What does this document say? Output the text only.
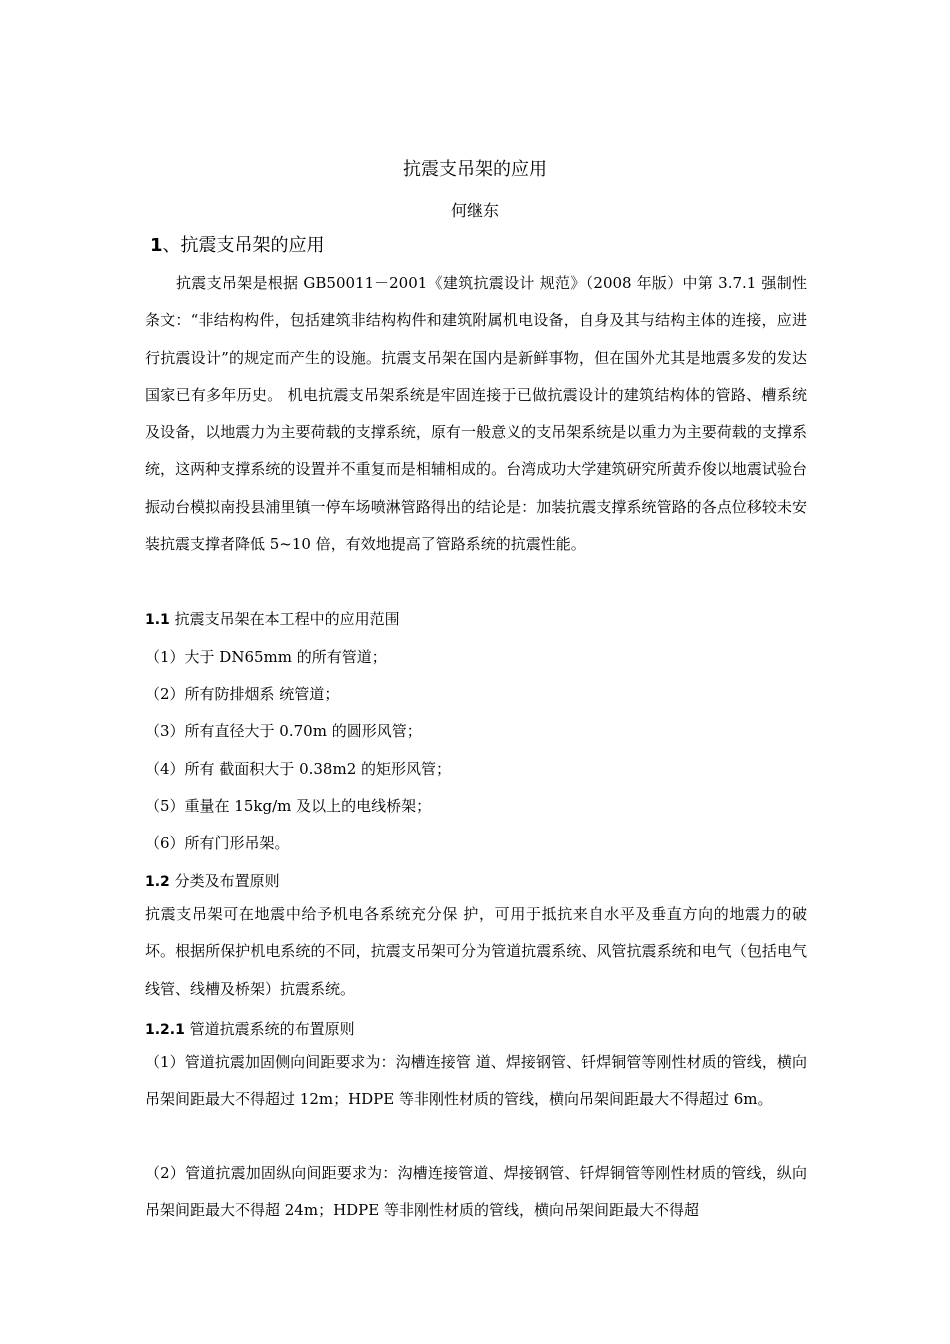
抗震支吊架的应用
何继东
1、抗震支吊架的应用
抗震支吊架是根据 GB50011－2001《建筑抗震设计 规范》（2008 年版）中第 3.7.1 强制性条文：“非结构构件，包括建筑非结构构件和建筑附属机电设备，自身及其与结构主体的连接，应进行抗震设计”的规定而产生的设施。抗震支吊架在国内是新鲜事物，但在国外尤其是地震多发的发达国家已有多年历史。 机电抗震支吊架系统是牢固连接于已做抗震设计的建筑结构体的管路、槽系统及设备，以地震力为主要荷载的支撑系统，原有一般意义的支吊架系统是以重力为主要荷载的支撑系统，这两种支撑系统的设置并不重复而是相辅相成的。台湾成功大学建筑研究所黄乔俊以地震试验台振动台模拟南投县浦里镇一停车场喷淋管路得出的结论是：加装抗震支撑系统管路的各点位移较未安装抗震支撑者降低 5~10 倍，有效地提高了管路系统的抗震性能。
1.1 抗震支吊架在本工程中的应用范围
（1）大于 DN65mm 的所有管道；
（2）所有防排烟系 统管道；
（3）所有直径大于 0.70m 的圆形风管；
（4）所有 截面积大于 0.38m2 的矩形风管；
（5）重量在 15kg/m 及以上的电线桥架；
（6）所有门形吊架。
1.2 分类及布置原则
抗震支吊架可在地震中给予机电各系统充分保 护，可用于抵抗来自水平及垂直方向的地震力的破坏。根据所保护机电系统的不同，抗震支吊架可分为管道抗震系统、风管抗震系统和电气（包括电气线管、线槽及桥架）抗震系统。
1.2.1 管道抗震系统的布置原则
（1）管道抗震加固侧向间距要求为：沟槽连接管 道、焊接钢管、钎焊铜管等刚性材质的管线，横向吊架间距最大不得超过 12m；HDPE 等非刚性材质的管线，横向吊架间距最大不得超过 6m。
（2）管道抗震加固纵向间距要求为：沟槽连接管道、焊接钢管、钎焊铜管等刚性材质的管线，纵向吊架间距最大不得超 24m；HDPE 等非刚性材质的管线，横向吊架间距最大不得超
